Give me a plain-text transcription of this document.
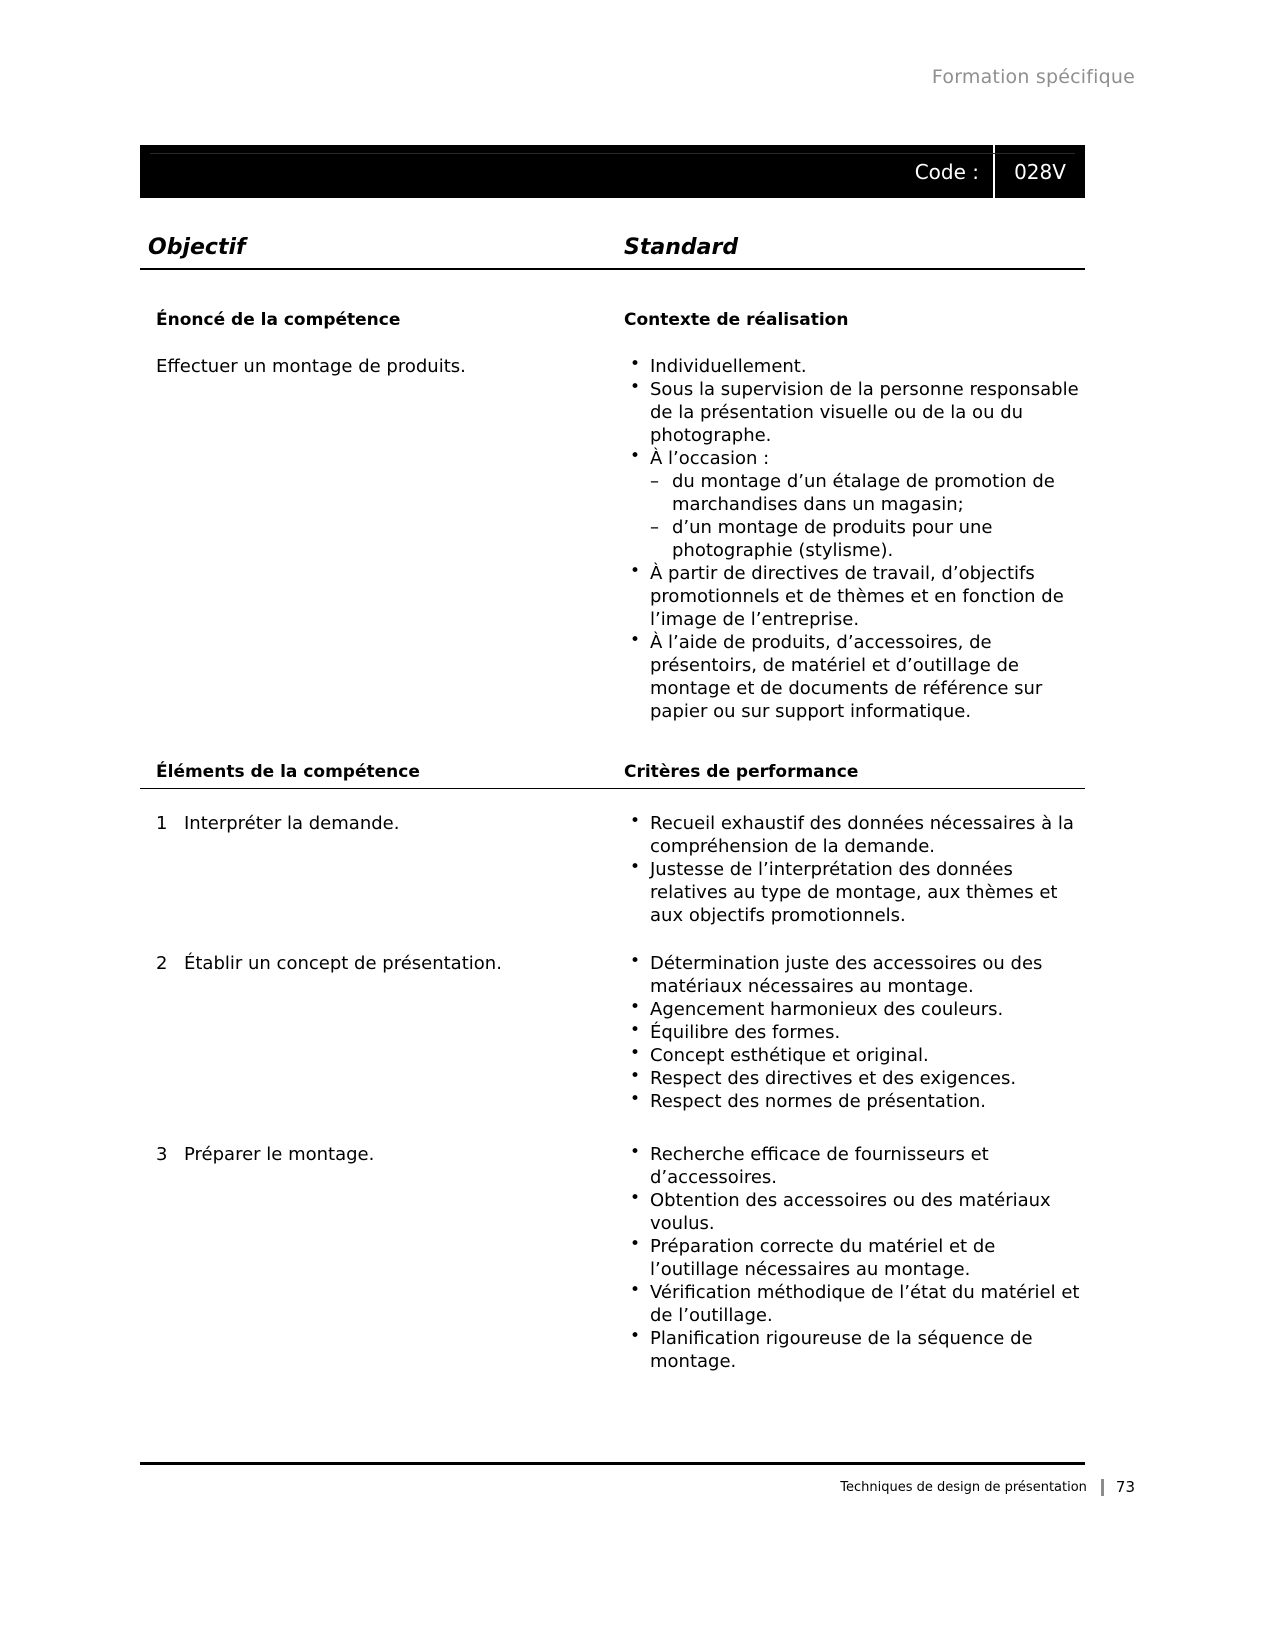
Formation spécifique
Code :	028V
Objectif	Standard
Énoncé de la compétence	Contexte de réalisation
Effectuer un montage de produits.	• Individuellement.
• Sous la supervision de la personne responsable de la présentation visuelle ou de la ou du photographe.
• À l’occasion :
– du montage d’un étalage de promotion de marchandises dans un magasin;
– d’un montage de produits pour une photographie (stylisme).
• À partir de directives de travail, d’objectifs promotionnels et de thèmes et en fonction de l’image de l’entreprise.
• À l’aide de produits, d’accessoires, de présentoirs, de matériel et d’outillage de montage et de documents de référence sur papier ou sur support informatique.
Éléments de la compétence	Critères de performance
1 Interpréter la demande.	• Recueil exhaustif des données nécessaires à la compréhension de la demande.
• Justesse de l’interprétation des données relatives au type de montage, aux thèmes et aux objectifs promotionnels.
2 Établir un concept de présentation.	• Détermination juste des accessoires ou des matériaux nécessaires au montage.
• Agencement harmonieux des couleurs.
• Équilibre des formes.
• Concept esthétique et original.
• Respect des directives et des exigences.
• Respect des normes de présentation.
3 Préparer le montage.	• Recherche efficace de fournisseurs et d’accessoires.
• Obtention des accessoires ou des matériaux voulus.
• Préparation correcte du matériel et de l’outillage nécessaires au montage.
• Vérification méthodique de l’état du matériel et de l’outillage.
• Planification rigoureuse de la séquence de montage.
Techniques de design de présentation 73
